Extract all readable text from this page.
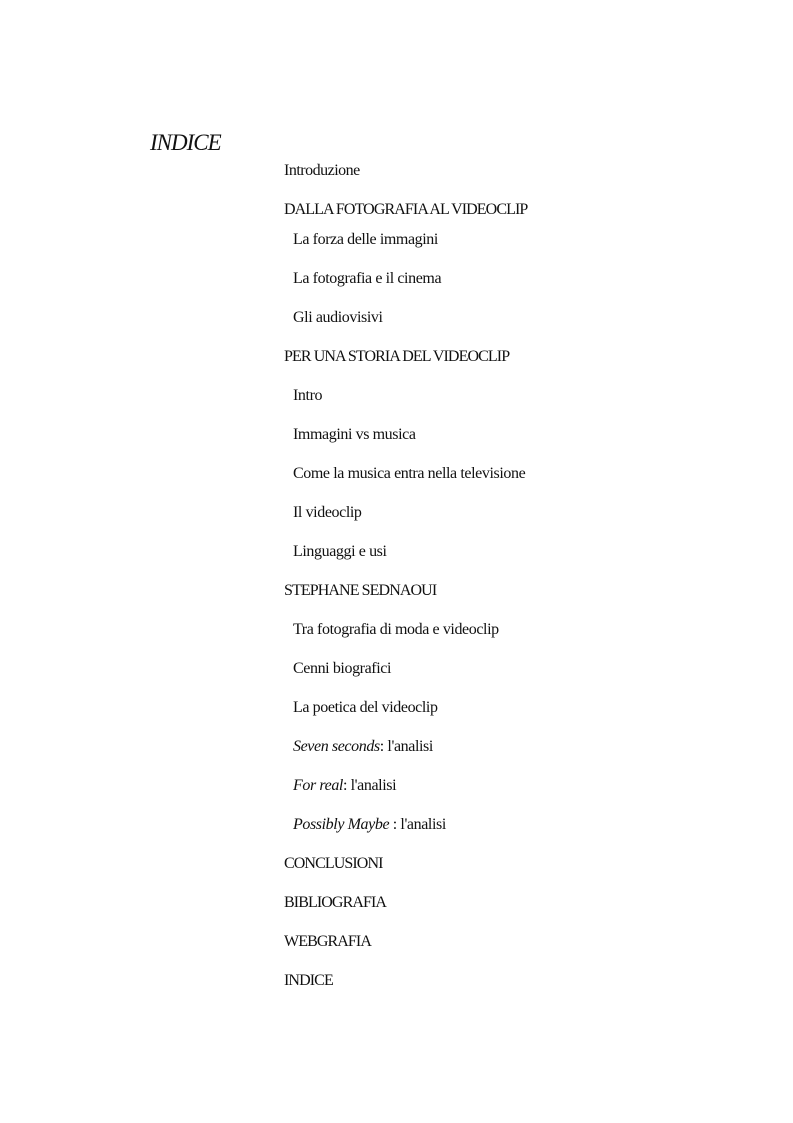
INDICE
Introduzione
DALLA FOTOGRAFIA AL VIDEOCLIP
La forza delle immagini
La fotografia e il cinema
Gli audiovisivi
PER UNA STORIA DEL VIDEOCLIP
Intro
Immagini vs musica
Come la musica entra nella televisione
Il videoclip
Linguaggi e usi
STEPHANE SEDNAOUI
Tra fotografia di moda e videoclip
Cenni biografici
La poetica del videoclip
Seven seconds: l'analisi
For real: l'analisi
Possibly Maybe : l'analisi
CONCLUSIONI
BIBLIOGRAFIA
WEBGRAFIA
INDICE
